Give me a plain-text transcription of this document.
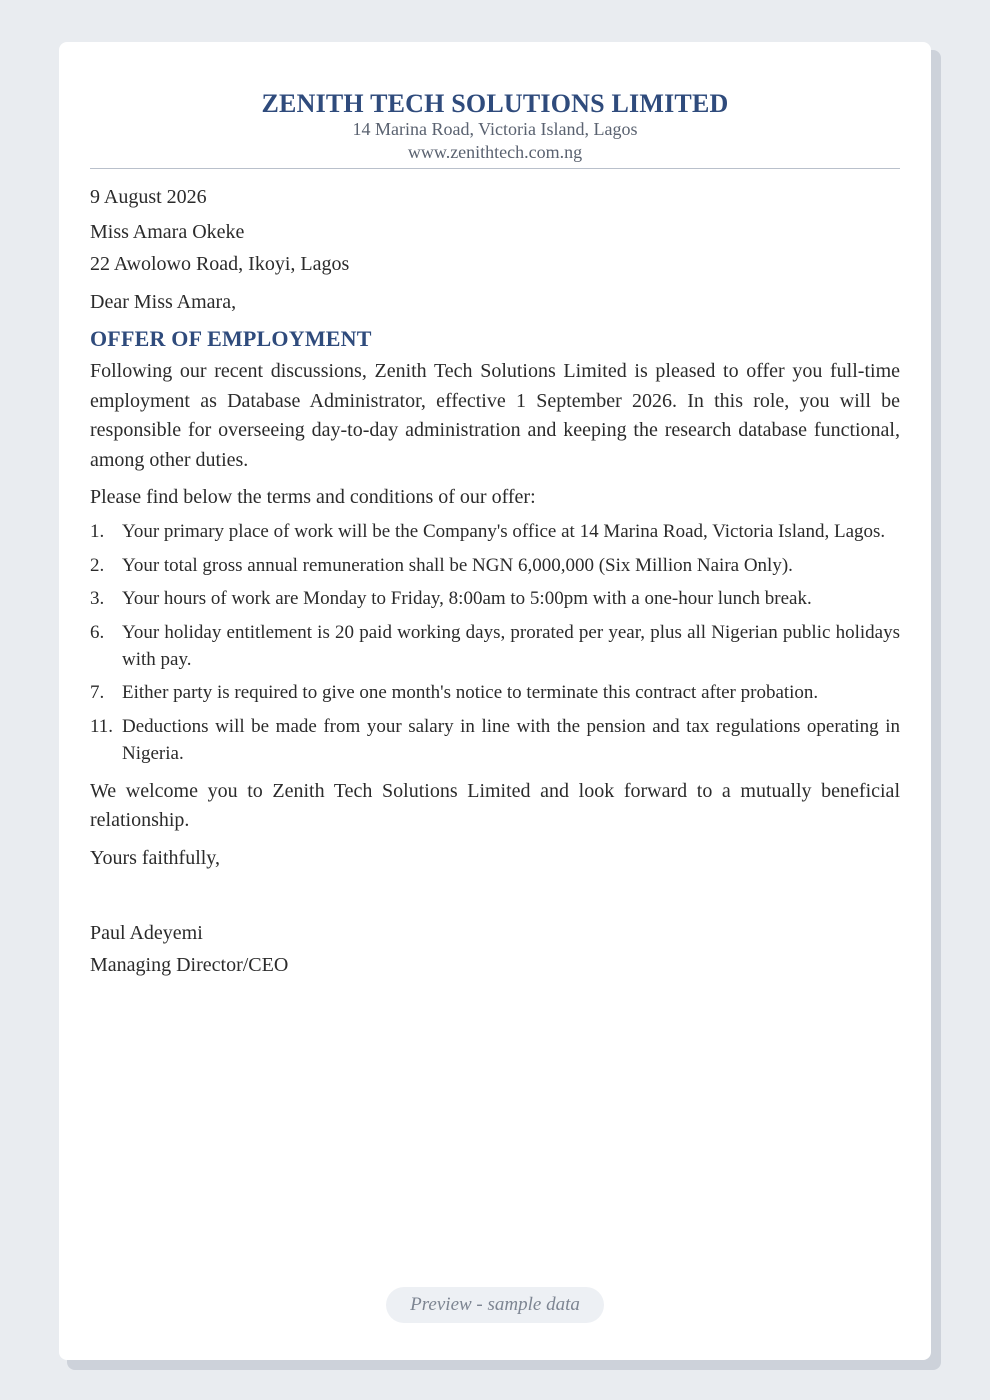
ZENITH TECH SOLUTIONS LIMITED
14 Marina Road, Victoria Island, Lagos
www.zenithtech.com.ng
9 August 2026
Miss Amara Okeke
22 Awolowo Road, Ikoyi, Lagos
Dear Miss Amara,
OFFER OF EMPLOYMENT

Following our recent discussions, Zenith Tech Solutions Limited is pleased to offer you full-time employment as Database Administrator, effective 1 September 2026. In this role, you will be responsible for overseeing day-to-day administration and keeping the research database functional, among other duties.

Please find below the terms and conditions of our offer:
1. Your primary place of work will be the Company's office at 14 Marina Road, Victoria Island, Lagos.
2. Your total gross annual remuneration shall be NGN 6,000,000 (Six Million Naira Only).
3. Your hours of work are Monday to Friday, 8:00am to 5:00pm with a one-hour lunch break.
6. Your holiday entitlement is 20 paid working days, prorated per year, plus all Nigerian public holidays with pay.
7. Either party is required to give one month's notice to terminate this contract after probation.
11. Deductions will be made from your salary in line with the pension and tax regulations operating in Nigeria.

We welcome you to Zenith Tech Solutions Limited and look forward to a mutually beneficial relationship.

Yours faithfully,
Paul Adeyemi
Managing Director/CEO
Preview - sample data
